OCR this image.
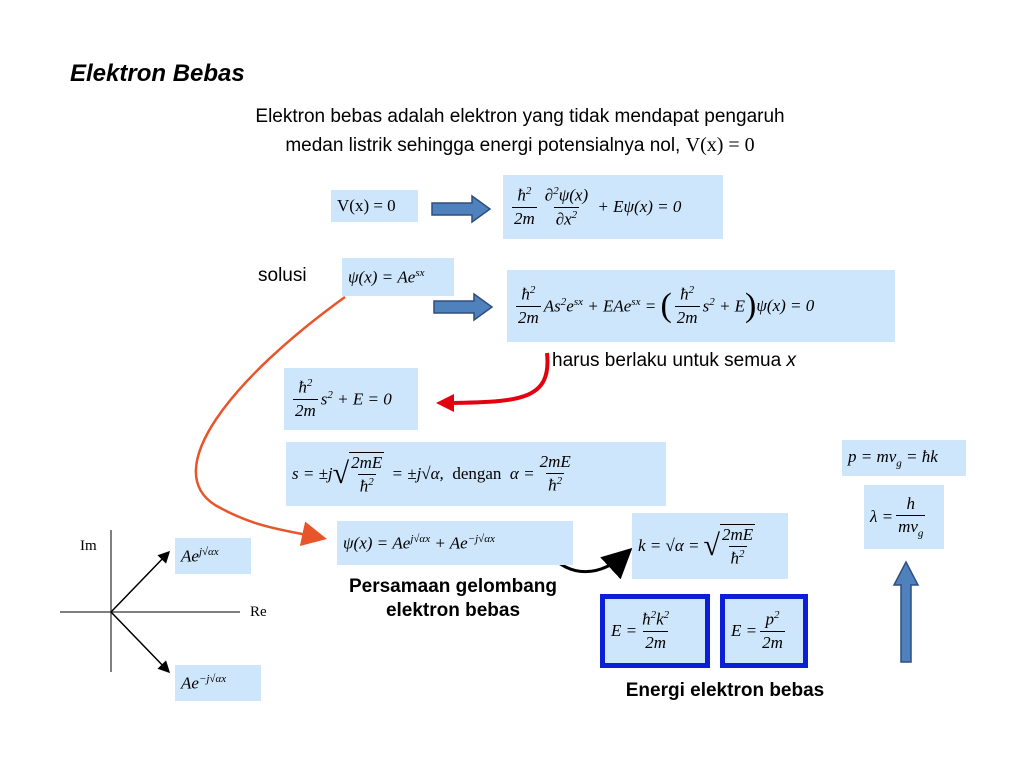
Elektron Bebas
Elektron bebas adalah elektron yang tidak mendapat pengaruh
medan listrik sehingga energi potensialnya nol, V(x) = 0
V(x) = 0	$\frac{ħ^2}{2m} \frac{\partial^2\psi(x)}{\partial x^2} + E\psi(x) = 0$
solusi $\psi(x) = Ae^{sx}$
$\frac{ħ^2}{2m} As^2e^{sx} + EAe^{sx}$ = ( $\frac{ħ^2}{2m} s^2 + E$ ) ψ(x) = 0
harus berlaku untuk semua x
$\frac{ħ^2}{2m} s^2 + E = 0$
s = ±j √ $\frac{2mE}{ħ^2} = \pm j√\alpha$, dengan $\alpha = \frac{2mE}{ħ^2}$	$p = mv_g$ = ħk
$\lambda = \frac{h}{mv_g}$
$\psi(x) = Ae^{j√\alpha x} + Ae^{-j√\alpha x}$	k = √α = √ $\frac{2mE}{ħ^2}$
Persamaan gelombang
elektron bebas
$E = \frac{ħ^2k^2}{2m}$	$E = \frac{p^2}{2m}$
Energi elektron bebas
Im
Re
$Ae^{j√\alpha x}$
$Ae^{-j√\alpha x}$
